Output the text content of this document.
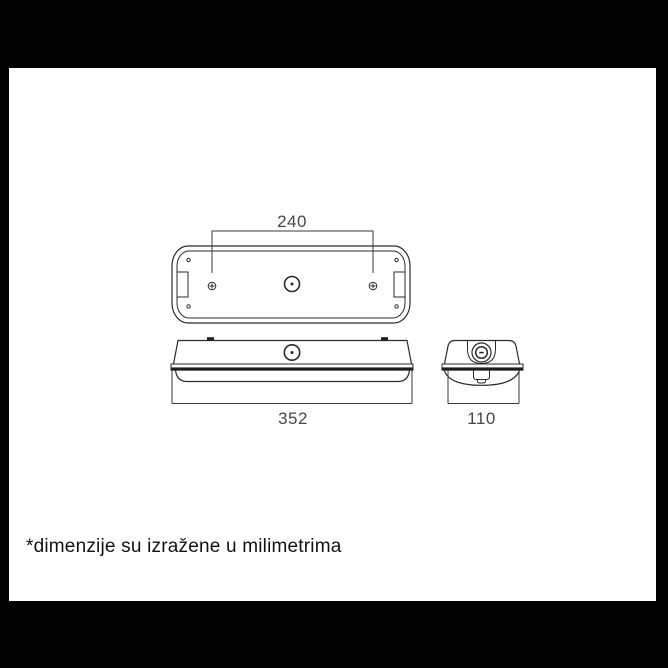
240
352	110
*dimenzije su izražene u milimetrima
